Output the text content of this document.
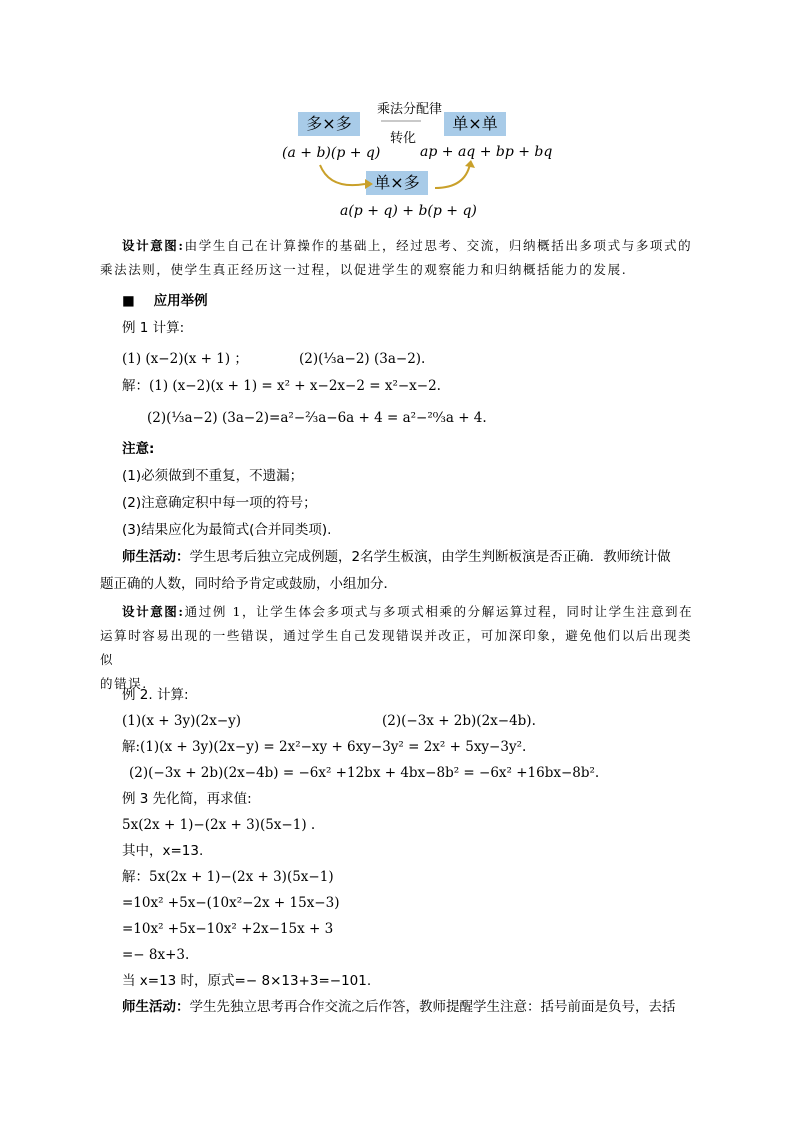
乘法分配律
转化
多×多	单×单
单×多
(a + b)(p + q)	ap + aq + bp + bq
a(p + q) + b(p + q)
设计意图:由学生自己在计算操作的基础上，经过思考、交流，归纳概括出多项式与多项式的
乘法法则，使学生真正经历这一过程，以促进学生的观察能力和归纳概括能力的发展.
■ 应用举例
例 1 计算:
(1) (x−2)(x + 1) ；	(2)(⅓a−2) (3a−2).
解：(1) (x−2)(x + 1) = x² + x−2x−2 = x²−x−2.
(2)(⅓a−2) (3a−2)=a²−⅔a−6a + 4 = a²−²⁰⁄₃a + 4.
注意:
(1)必须做到不重复，不遗漏；
(2)注意确定积中每一项的符号；
(3)结果应化为最简式(合并同类项).
师生活动：学生思考后独立完成例题，2名学生板演，由学生判断板演是否正确．教师统计做
题正确的人数，同时给予肯定或鼓励，小组加分．
设计意图:通过例 1，让学生体会多项式与多项式相乘的分解运算过程，同时让学生注意到在
运算时容易出现的一些错误，通过学生自己发现错误并改正，可加深印象，避免他们以后出现类似
的错误.
例 2. 计算:
(1)(x + 3y)(2x−y)	(2)(−3x + 2b)(2x−4b).
解:(1)(x + 3y)(2x−y) = 2x²−xy + 6xy−3y² = 2x² + 5xy−3y².
(2)(−3x + 2b)(2x−4b) = −6x² +12bx + 4bx−8b² = −6x² +16bx−8b².
例 3 先化简，再求值:
5x(2x + 1)−(2x + 3)(5x−1) .
其中，x=13.
解：5x(2x + 1)−(2x + 3)(5x−1)
=10x² +5x−(10x²−2x + 15x−3)
=10x² +5x−10x² +2x−15x + 3
=− 8x+3.
当 x=13 时，原式=− 8×13+3=−101.
师生活动：学生先独立思考再合作交流之后作答，教师提醒学生注意：括号前面是负号，去括
